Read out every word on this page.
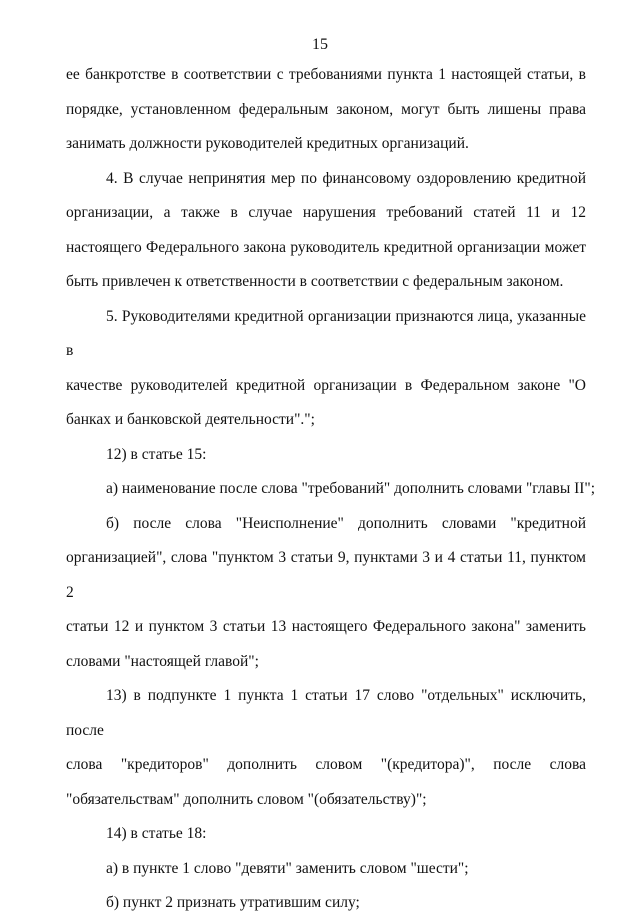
15
ее банкротстве в соответствии с требованиями пункта 1 настоящей статьи, в
порядке, установленном федеральным законом, могут быть лишены права
занимать должности руководителей кредитных организаций.
4. В случае непринятия мер по финансовому оздоровлению кредитной
организации, а также в случае нарушения требований статей 11 и 12
настоящего Федерального закона руководитель кредитной организации может
быть привлечен к ответственности в соответствии с федеральным законом.
5. Руководителями кредитной организации признаются лица, указанные в
качестве руководителей кредитной организации в Федеральном законе "О
банках и банковской деятельности".";
12) в статье 15:
а) наименование после слова "требований" дополнить словами "главы II";
б) после слова "Неисполнение" дополнить словами "кредитной
организацией", слова "пунктом 3 статьи 9, пунктами 3 и 4 статьи 11, пунктом 2
статьи 12 и пунктом 3 статьи 13 настоящего Федерального закона" заменить
словами "настоящей главой";
13) в подпункте 1 пункта 1 статьи 17 слово "отдельных" исключить, после
слова "кредиторов" дополнить словом "(кредитора)", после слова
"обязательствам" дополнить словом "(обязательству)";
14) в статье 18:
а) в пункте 1 слово "девяти" заменить словом "шести";
б) пункт 2 признать утратившим силу;
